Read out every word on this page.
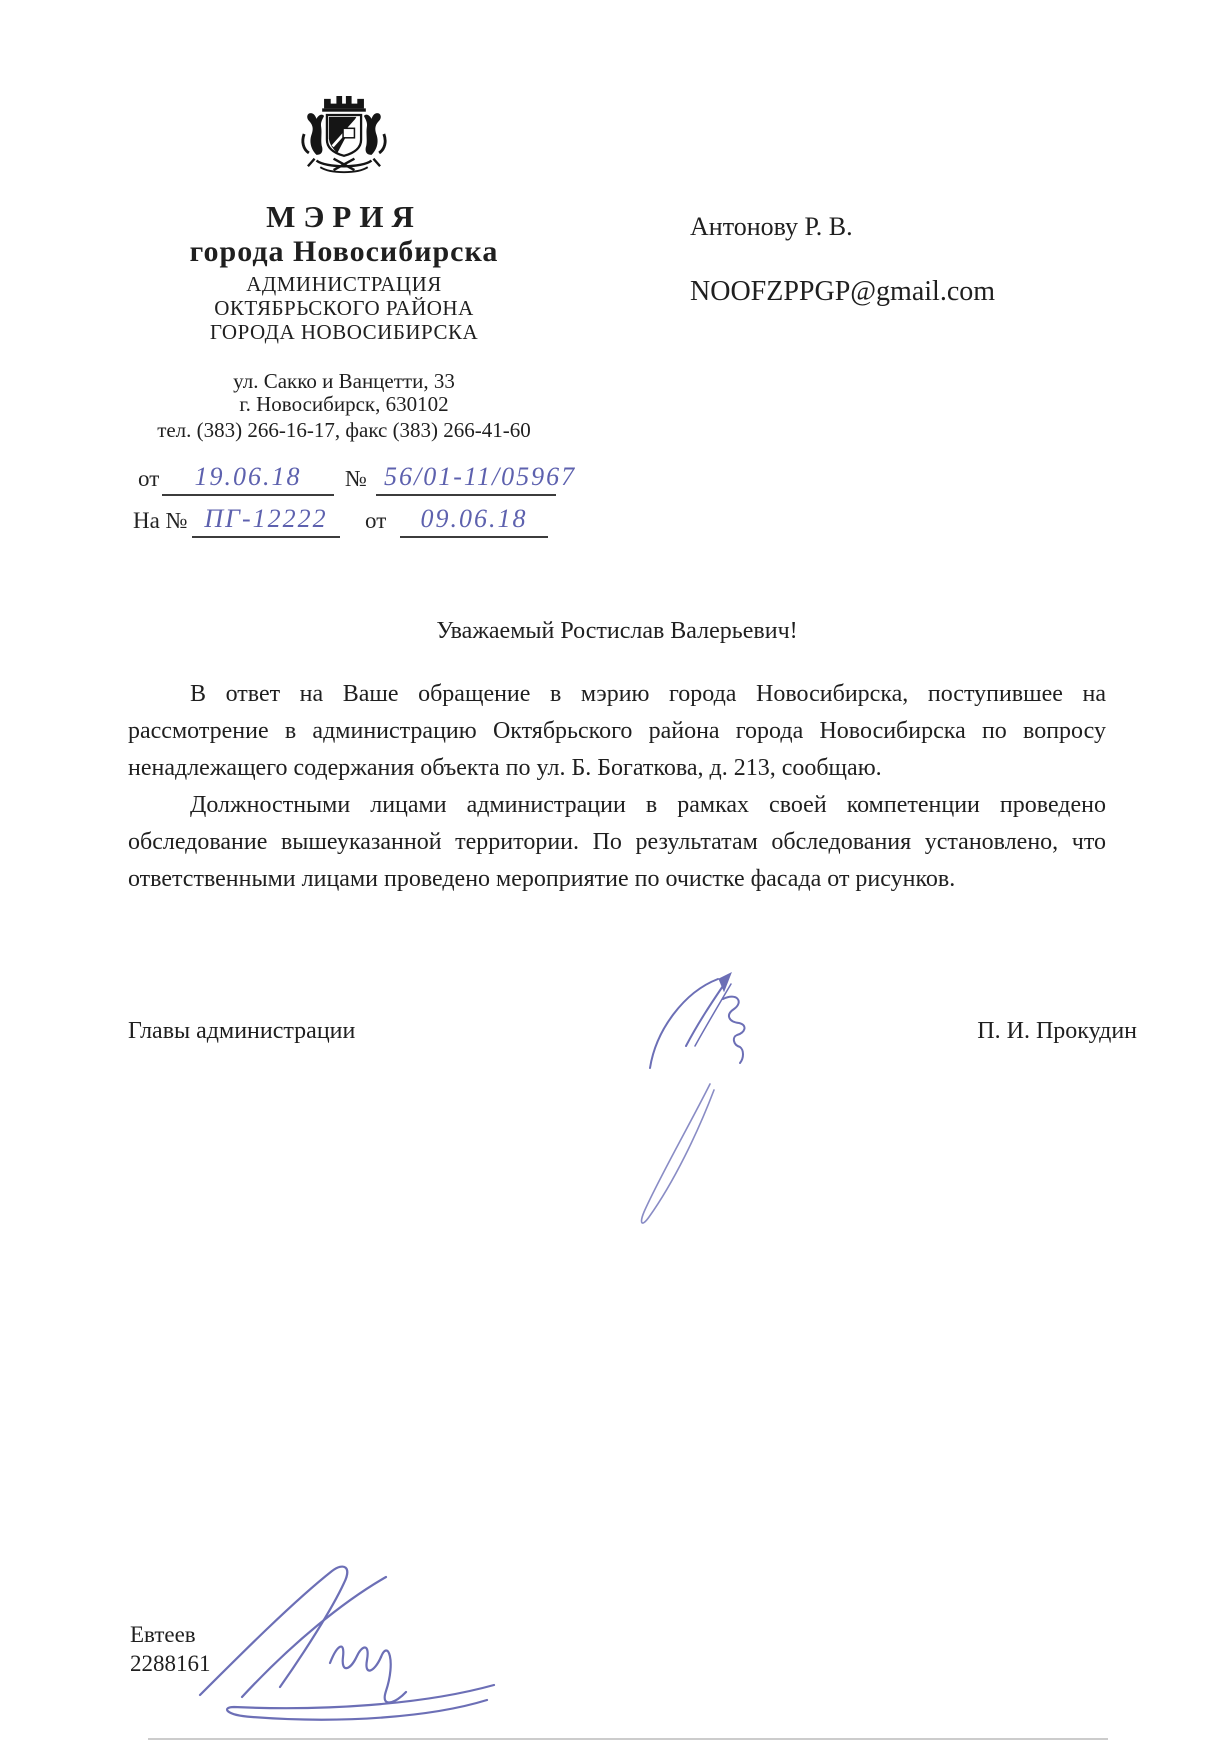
МЭРИЯ
города Новосибирска
АДМИНИСТРАЦИЯ
ОКТЯБРЬСКОГО РАЙОНА
ГОРОДА НОВОСИБИРСКА
ул. Сакко и Ванцетти, 33
г. Новосибирск, 630102
тел. (383) 266-16-17, факс (383) 266-41-60
от	19.06.18	№ 56/01-11/05967
На № ПГ-12222	от	09.06.18
Антонову Р. В.
NOOFZPPGP@gmail.com
Уважаемый Ростислав Валерьевич!

В ответ на Ваше обращение в мэрию города Новосибирска, поступившее на рассмотрение в администрацию Октябрьского района города Новосибирска по вопросу ненадлежащего содержания объекта по ул. Б. Богаткова, д. 213, сообщаю.

Должностными лицами администрации в рамках своей компетенции проведено обследование вышеуказанной территории. По результатам обследования установлено, что ответственными лицами проведено мероприятие по очистке фасада от рисунков.

Главы администрации	П. И. Прокудин
Евтеев
2288161
